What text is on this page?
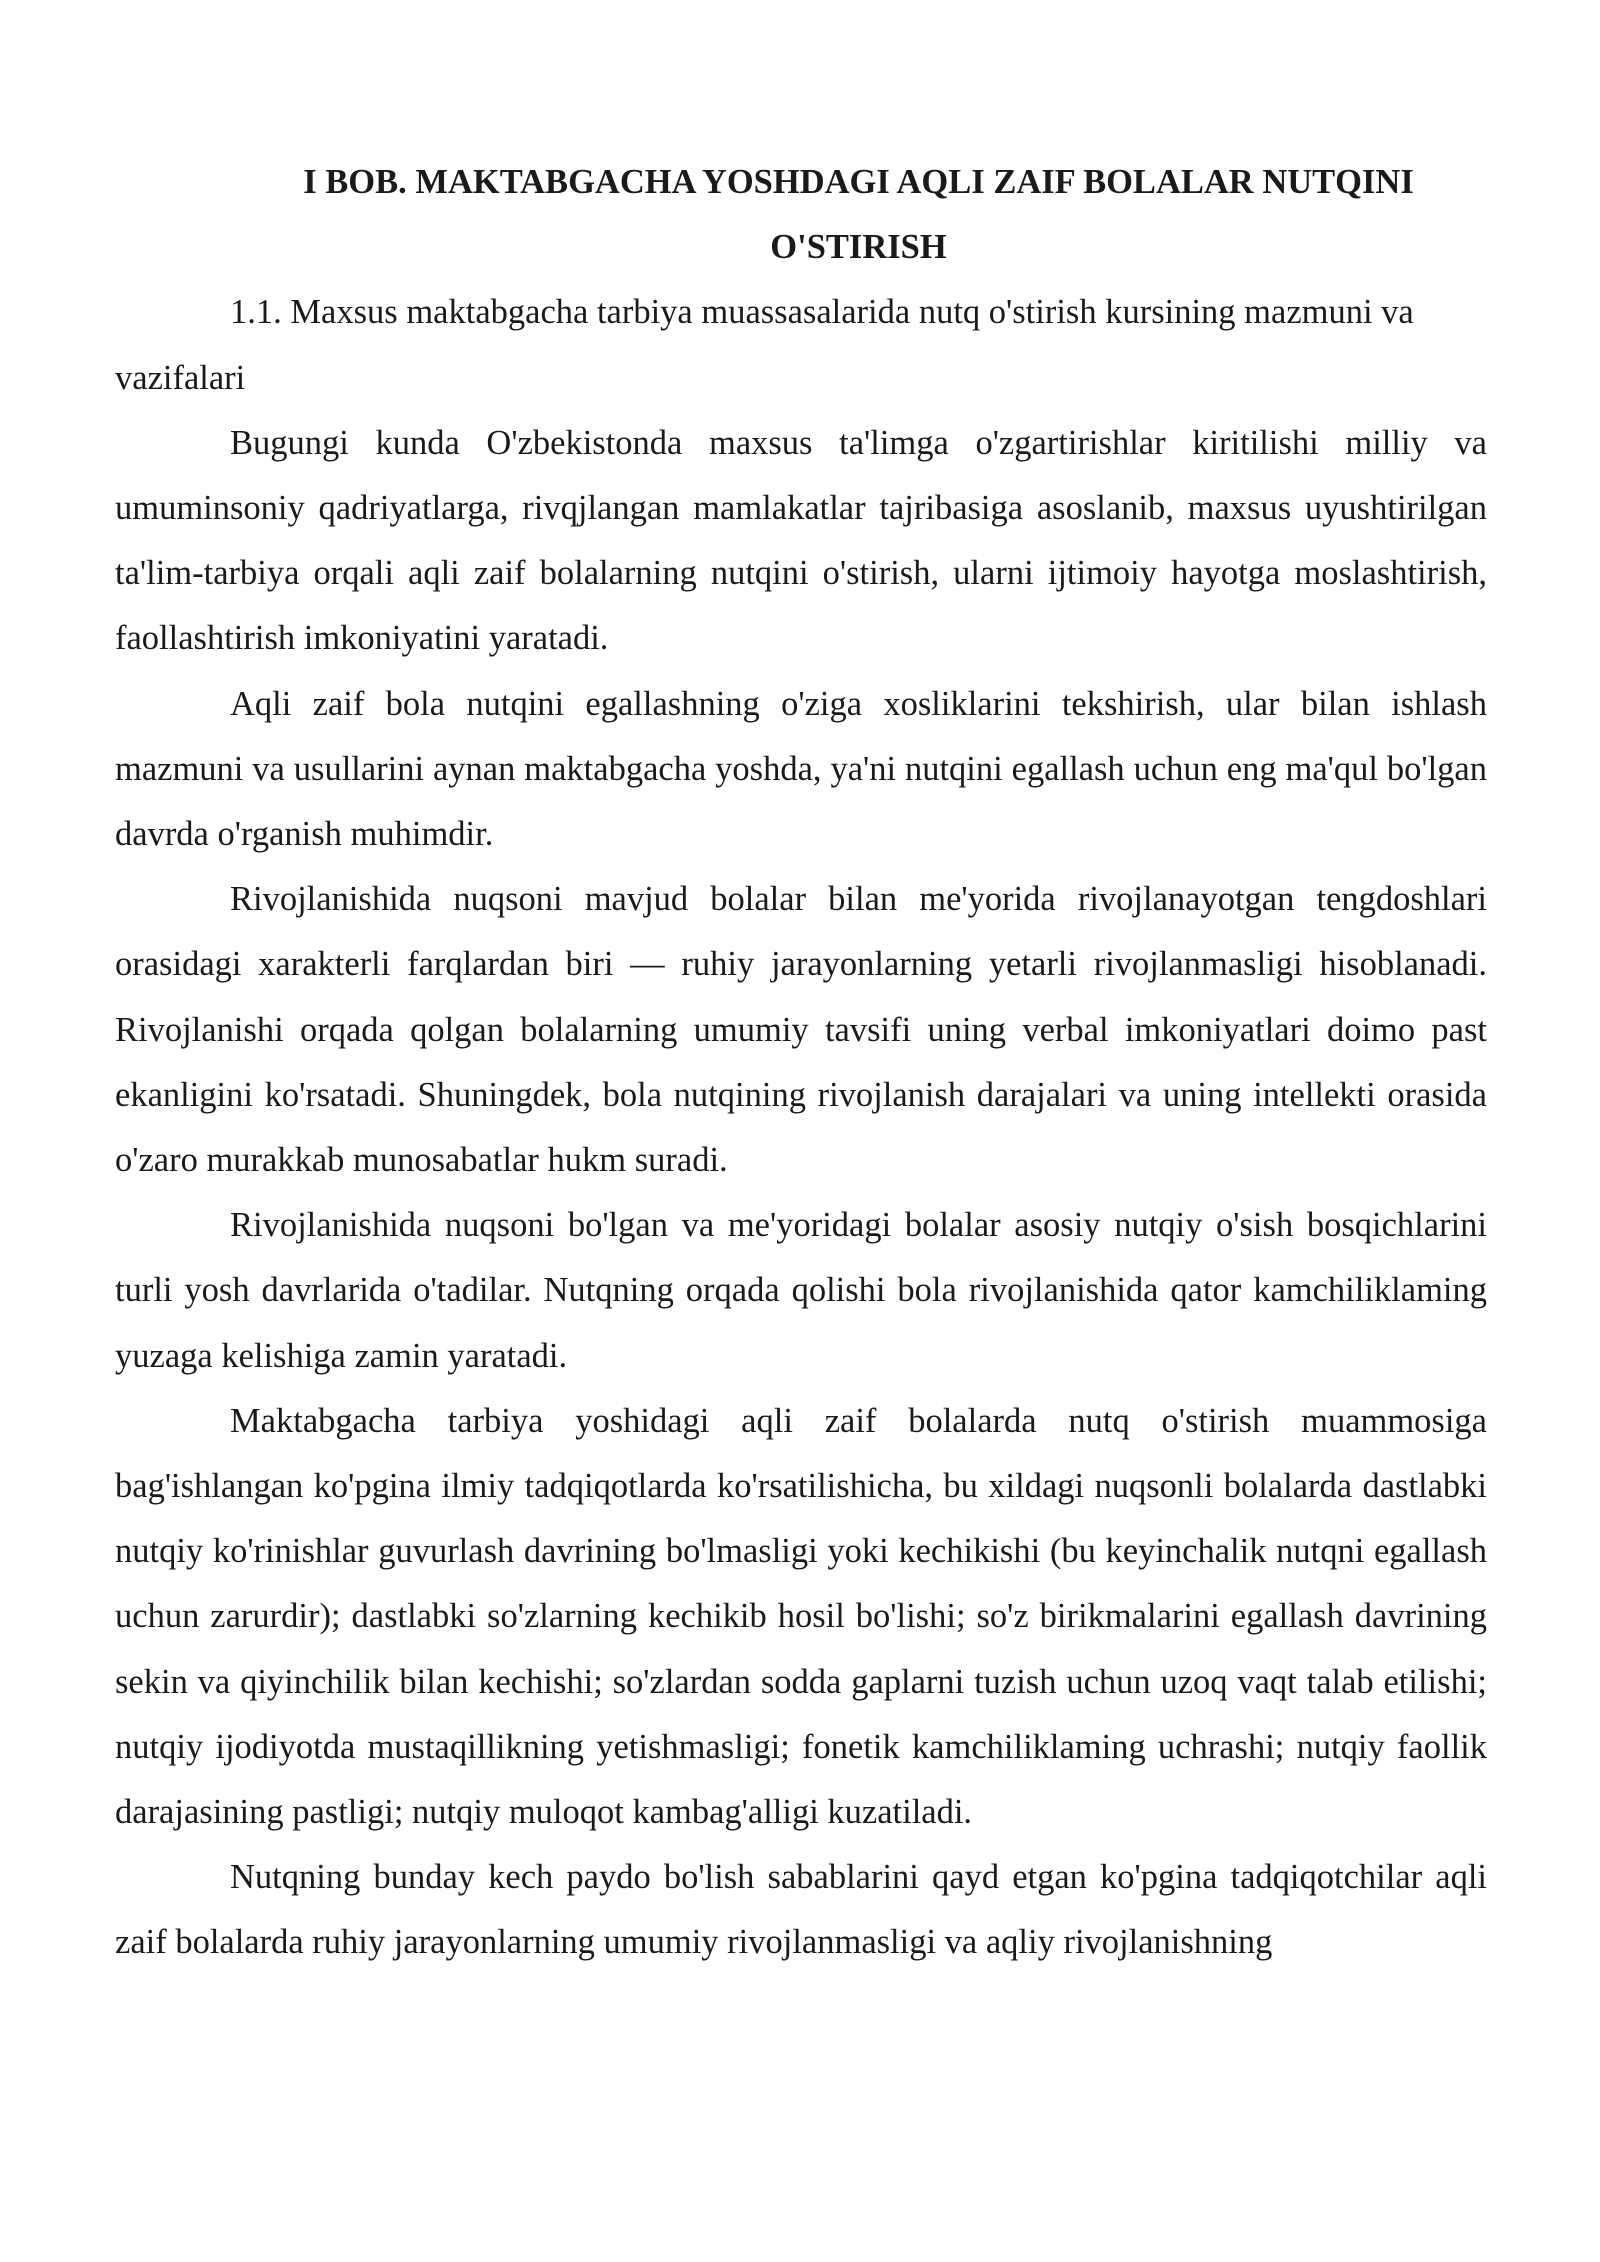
I BOB. MAKTABGACHA YOSHDAGI AQLI ZAIF BOLALAR NUTQINI O'STIRISH

1.1. Maxsus maktabgacha tarbiya muassasalarida nutq o'stirish kursining mazmuni va vazifalari

Bugungi kunda O'zbekistonda maxsus ta'limga o'zgartirishlar kiritilishi milliy va umuminsoniy qadriyatlarga, rivqjlangan mamlakatlar tajribasiga asoslanib, maxsus uyushtirilgan ta'lim-tarbiya orqali aqli zaif bolalarning nutqini o'stirish, ularni ijtimoiy hayotga moslashtirish, faollashtirish imkoniyatini yaratadi.

Aqli zaif bola nutqini egallashning o'ziga xosliklarini tekshirish, ular bilan ishlash mazmuni va usullarini aynan maktabgacha yoshda, ya'ni nutqini egallash uchun eng ma'qul bo'lgan davrda o'rganish muhimdir.

Rivojlanishida nuqsoni mavjud bolalar bilan me'yorida rivojlanayotgan tengdoshlari orasidagi xarakterli farqlardan biri — ruhiy jarayonlarning yetarli rivojlanmasligi hisoblanadi. Rivojlanishi orqada qolgan bolalarning umumiy tavsifi uning verbal imkoniyatlari doimo past ekanligini ko'rsatadi. Shuningdek, bola nutqining rivojlanish darajalari va uning intellekti orasida o'zaro murakkab munosabatlar hukm suradi.

Rivojlanishida nuqsoni bo'lgan va me'yoridagi bolalar asosiy nutqiy o'sish bosqichlarini turli yosh davrlarida o'tadilar. Nutqning orqada qolishi bola rivojlanishida qator kamchiliklaming yuzaga kelishiga zamin yaratadi.

Maktabgacha tarbiya yoshidagi aqli zaif bolalarda nutq o'stirish muammosiga bag'ishlangan ko'pgina ilmiy tadqiqotlarda ko'rsatilishicha, bu xildagi nuqsonli bolalarda dastlabki nutqiy ko'rinishlar guvurlash davrining bo'lmasligi yoki kechikishi (bu keyinchalik nutqni egallash uchun zarurdir); dastlabki so'zlarning kechikib hosil bo'lishi; so'z birikmalarini egallash davrining sekin va qiyinchilik bilan kechishi; so'zlardan sodda gaplarni tuzish uchun uzoq vaqt talab etilishi; nutqiy ijodiyotda mustaqillikning yetishmasligi; fonetik kamchiliklaming uchrashi; nutqiy faollik darajasining pastligi; nutqiy muloqot kambag'alligi kuzatiladi.

Nutqning bunday kech paydo bo'lish sabablarini qayd etgan ko'pgina tadqiqotchilar aqli zaif bolalarda ruhiy jarayonlarning umumiy rivojlanmasligi va aqliy rivojlanishning
